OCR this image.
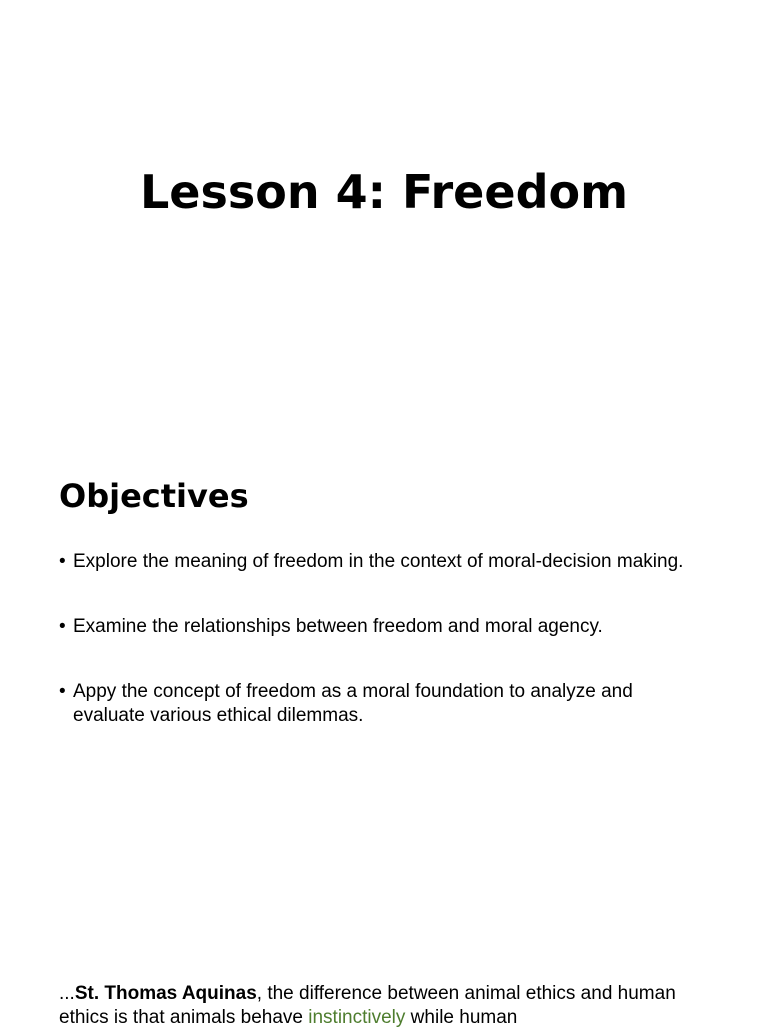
Lesson 4: Freedom
Objectives
• Explore the meaning of freedom in the context of moral-decision making.
• Examine the relationships between freedom and moral agency.
• Appy the concept of freedom as a moral foundation to analyze and evaluate various ethical dilemmas.

...St. Thomas Aquinas, the difference between animal ethics and human ethics is that animals behave instinctively while human
